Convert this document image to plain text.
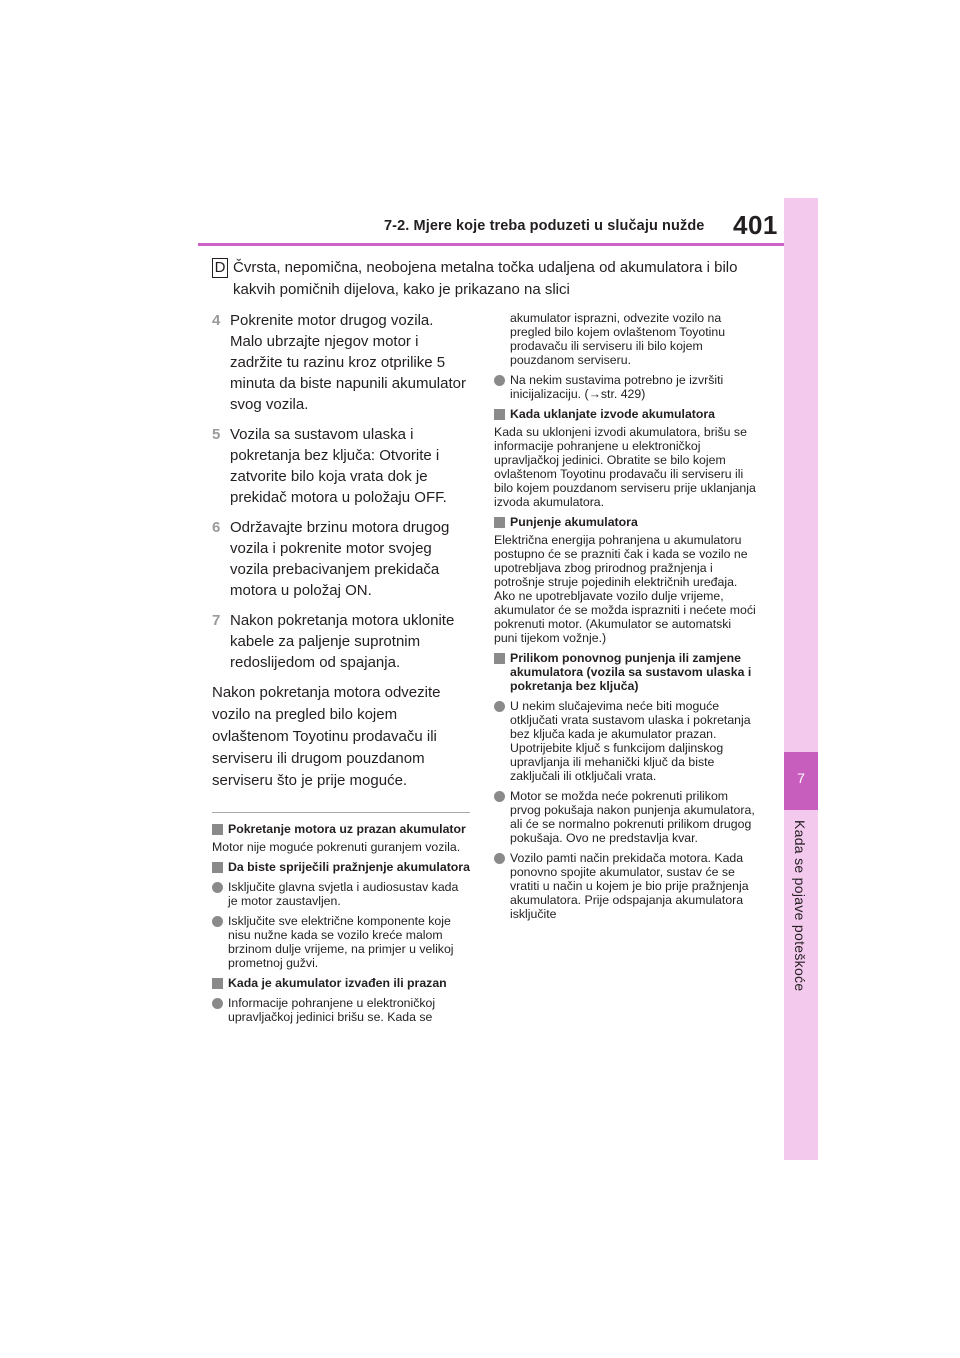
7-2. Mjere koje treba poduzeti u slučaju nužde 401
7
Kada se pojave poteškoće
D Čvrsta, nepomična, neobojena metalna točka udaljena od akumulatora i bilo kakvih pomičnih dijelova, kako je prikazano na slici
4 Pokrenite motor drugog vozila. Malo ubrzajte njegov motor i zadržite tu razinu kroz otprilike 5 minuta da biste napunili akumulator svog vozila.
5 Vozila sa sustavom ulaska i pokretanja bez ključa: Otvorite i zatvorite bilo koja vrata dok je prekidač motora u položaju OFF.
6 Održavajte brzinu motora drugog vozila i pokrenite motor svojeg vozila prebacivanjem prekidača motora u položaj ON.
7 Nakon pokretanja motora uklonite kabele za paljenje suprotnim redoslijedom od spajanja.
Nakon pokretanja motora odvezite vozilo na pregled bilo kojem ovlaštenom Toyotinu prodavaču ili serviseru ili drugom pouzdanom serviseru što je prije moguće.
Pokretanje motora uz prazan akumulator
Motor nije moguće pokrenuti guranjem vozila.
Da biste spriječili pražnjenje akumulatora
Isključite glavna svjetla i audiosustav kada je motor zaustavljen.
Isključite sve električne komponente koje nisu nužne kada se vozilo kreće malom brzinom dulje vrijeme, na primjer u velikoj prometnoj gužvi.
Kada je akumulator izvađen ili prazan
Informacije pohranjene u elektroničkoj upravljačkoj jedinici brišu se. Kada se
akumulator isprazni, odvezite vozilo na pregled bilo kojem ovlaštenom Toyotinu prodavaču ili serviseru ili bilo kojem pouzdanom serviseru.
Na nekim sustavima potrebno je izvršiti inicijalizaciju. (→str. 429)
Kada uklanjate izvode akumulatora
Kada su uklonjeni izvodi akumulatora, brišu se informacije pohranjene u elektroničkoj upravljačkoj jedinici. Obratite se bilo kojem ovlaštenom Toyotinu prodavaču ili serviseru ili bilo kojem pouzdanom serviseru prije uklanjanja izvoda akumulatora.
Punjenje akumulatora
Električna energija pohranjena u akumulatoru postupno će se prazniti čak i kada se vozilo ne upotrebljava zbog prirodnog pražnjenja i potrošnje struje pojedinih električnih uređaja. Ako ne upotrebljavate vozilo dulje vrijeme, akumulator će se možda isprazniti i nećete moći pokrenuti motor. (Akumulator se automatski puni tijekom vožnje.)
Prilikom ponovnog punjenja ili zamjene akumulatora (vozila sa sustavom ulaska i pokretanja bez ključa)
U nekim slučajevima neće biti moguće otključati vrata sustavom ulaska i pokretanja bez ključa kada je akumulator prazan. Upotrijebite ključ s funkcijom daljinskog upravljanja ili mehanički ključ da biste zaključali ili otključali vrata.
Motor se možda neće pokrenuti prilikom prvog pokušaja nakon punjenja akumulatora, ali će se normalno pokrenuti prilikom drugog pokušaja. Ovo ne predstavlja kvar.
Vozilo pamti način prekidača motora. Kada ponovno spojite akumulator, sustav će se vratiti u način u kojem je bio prije pražnjenja akumulatora. Prije odspajanja akumulatora isključite
